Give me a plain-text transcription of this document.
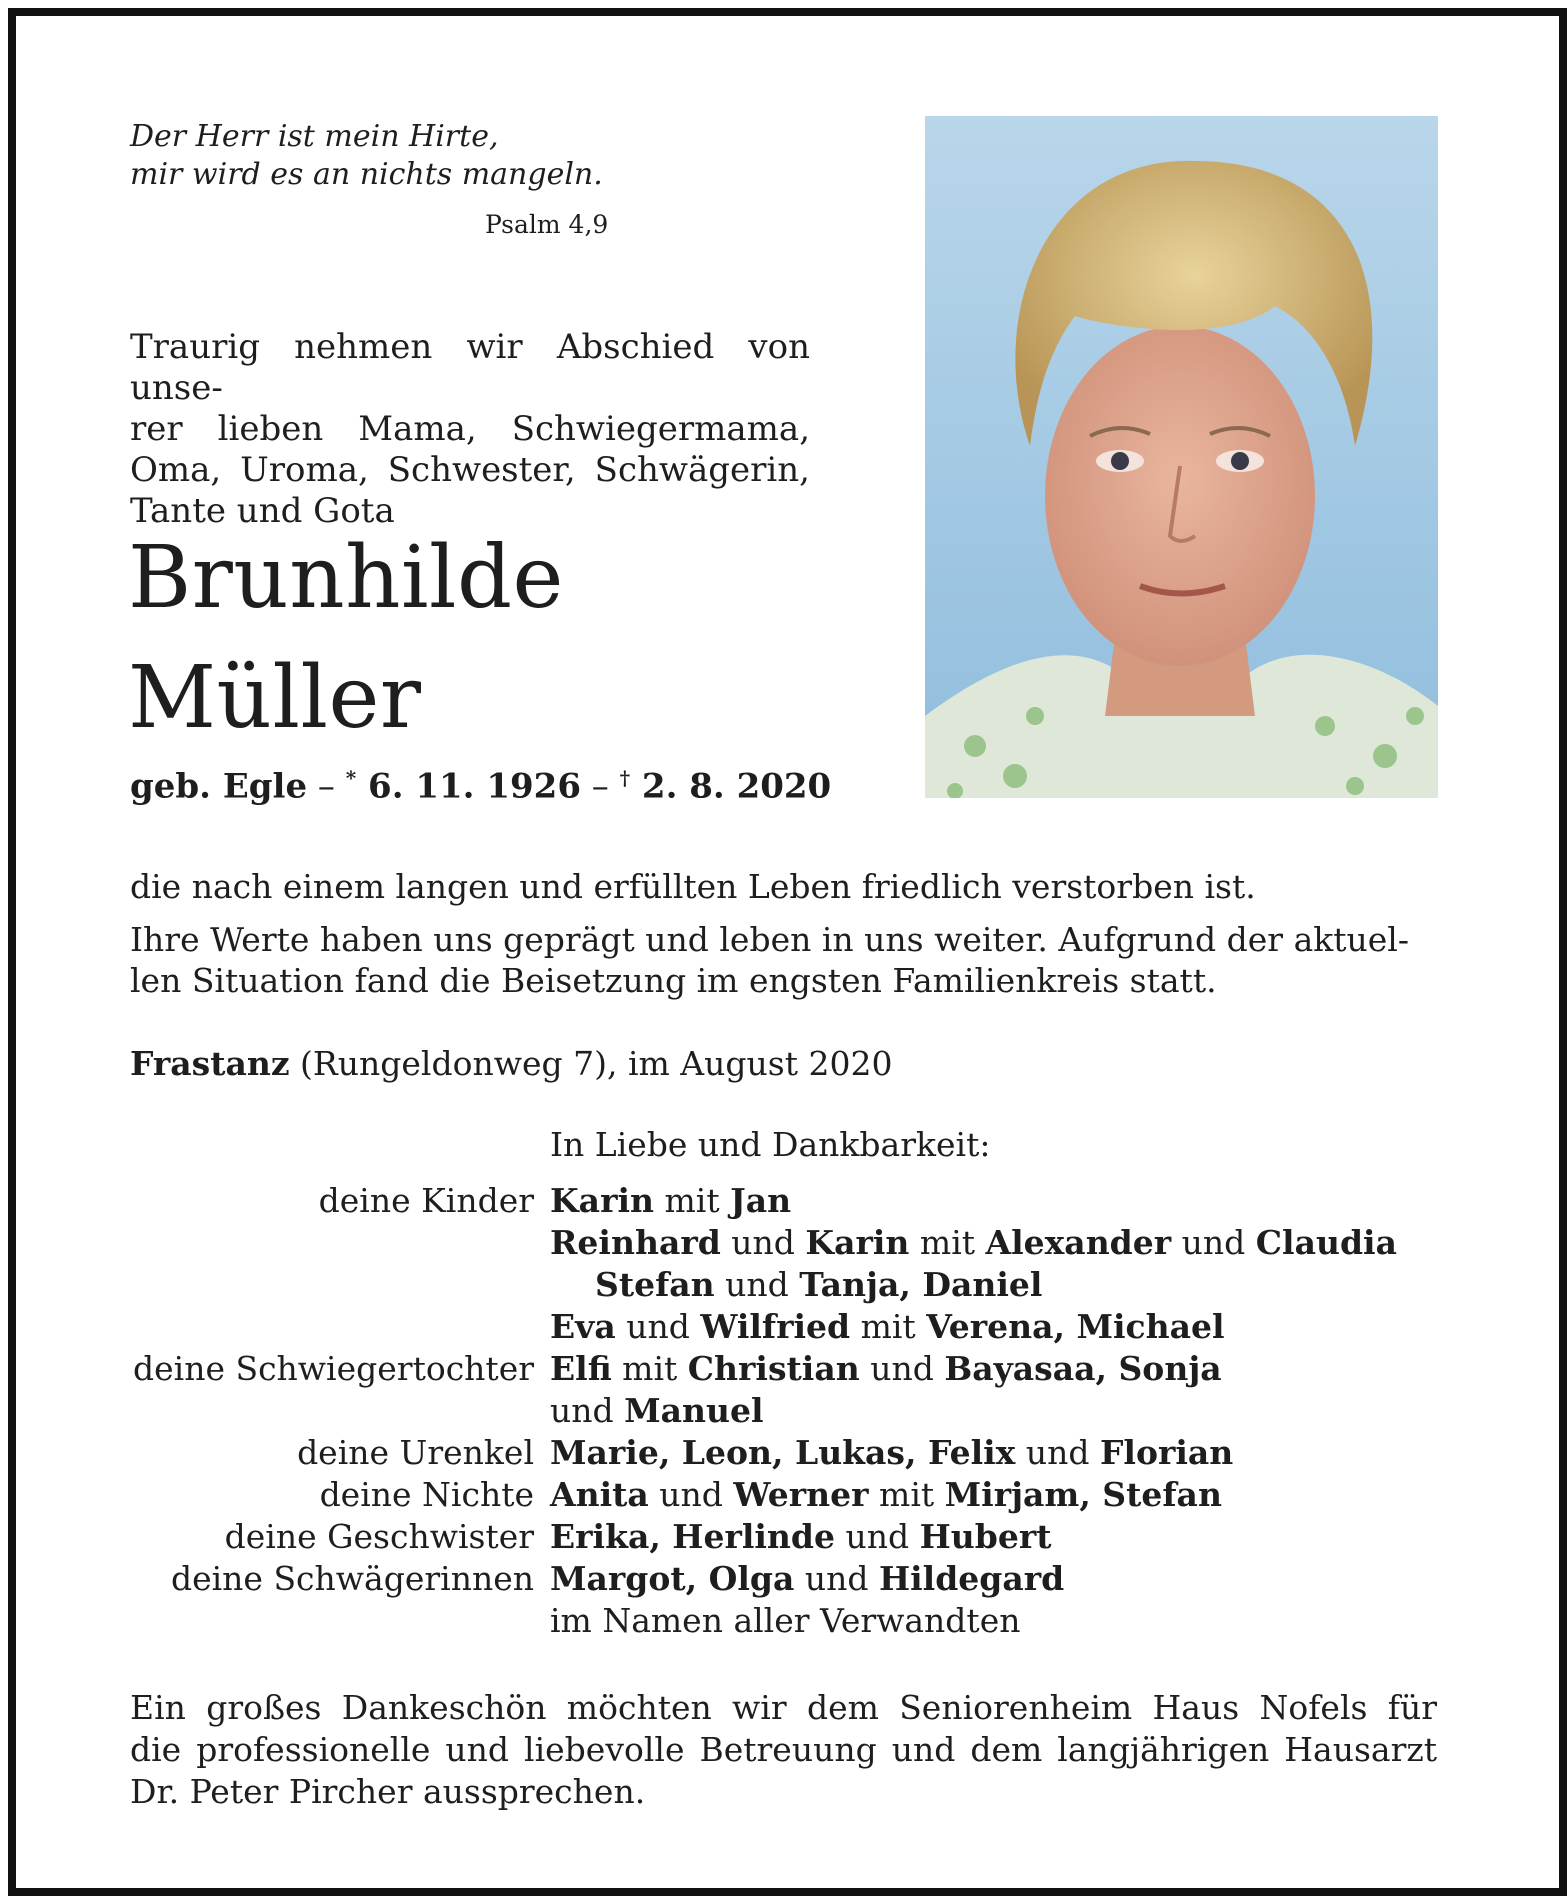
Der Herr ist mein Hirte,
mir wird es an nichts mangeln.
Psalm 4,9
Traurig nehmen wir Abschied von unse-
rer lieben Mama, Schwiegermama,
Oma, Uroma, Schwester, Schwägerin,
Tante und Gota
Brunhilde
Müller
geb. Egle – * 6. 11. 1926 – † 2. 8. 2020
die nach einem langen und erfüllten Leben friedlich verstorben ist.
Ihre Werte haben uns geprägt und leben in uns weiter. Aufgrund der aktuel-
len Situation fand die Beisetzung im engsten Familienkreis statt.
Frastanz (Rungeldonweg 7), im August 2020
In Liebe und Dankbarkeit:
deine Kinder Karin mit Jan
Reinhard und Karin mit Alexander und Claudia
Stefan und Tanja, Daniel
Eva und Wilfried mit Verena, Michael
deine Schwiegertochter Elfi mit Christian und Bayasaa, Sonja
und Manuel
deine Urenkel Marie, Leon, Lukas, Felix und Florian
deine Nichte Anita und Werner mit Mirjam, Stefan
deine Geschwister Erika, Herlinde und Hubert
deine Schwägerinnen Margot, Olga und Hildegard
im Namen aller Verwandten
Ein großes Dankeschön möchten wir dem Seniorenheim Haus Nofels für
die professionelle und liebevolle Betreuung und dem langjährigen Hausarzt
Dr. Peter Pircher aussprechen.
